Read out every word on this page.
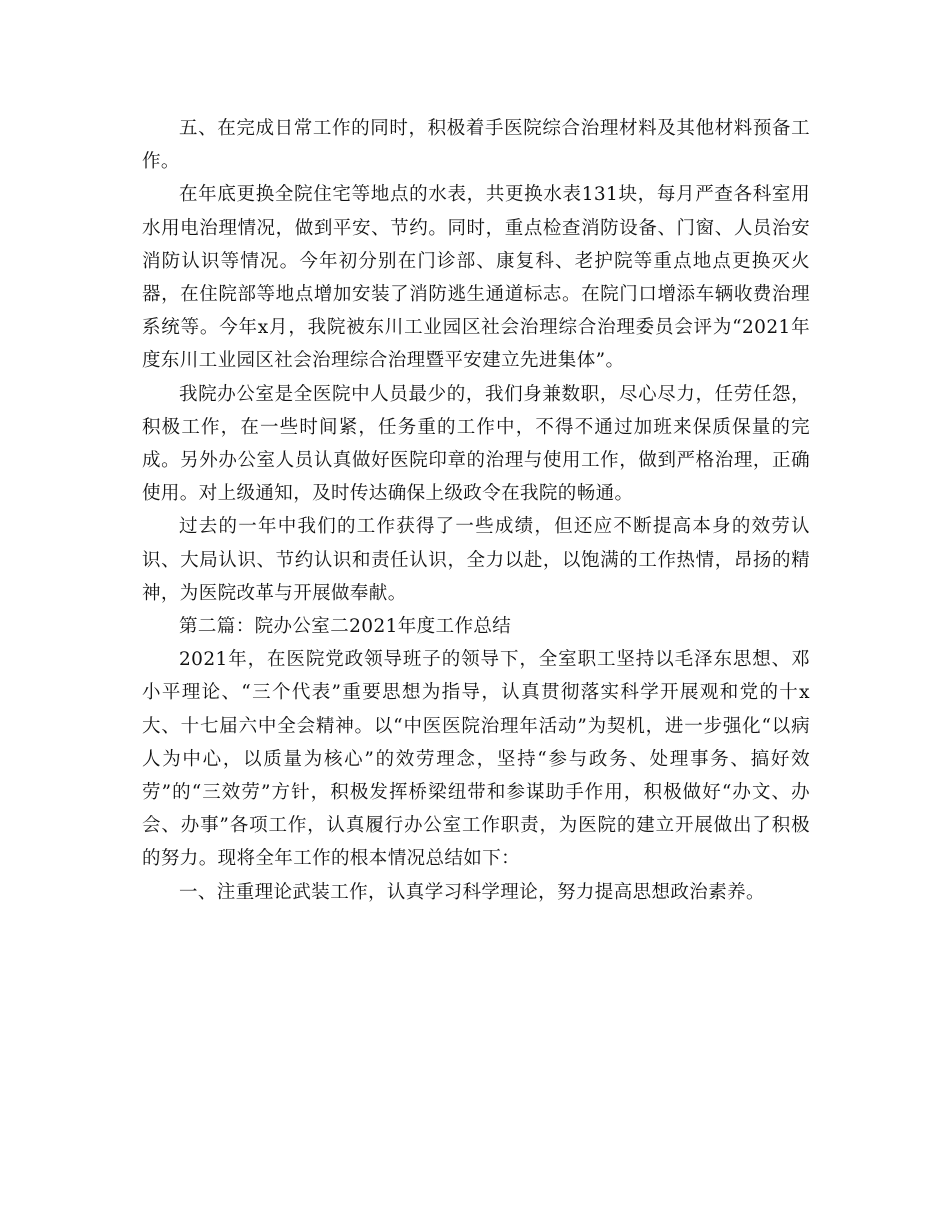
五、在完成日常工作的同时，积极着手医院综合治理材料及其他材料预备工作。

在年底更换全院住宅等地点的水表，共更换水表131块，每月严查各科室用水用电治理情况，做到平安、节约。同时，重点检查消防设备、门窗、人员治安消防认识等情况。今年初分别在门诊部、康复科、老护院等重点地点更换灭火器，在住院部等地点增加安装了消防逃生通道标志。在院门口增添车辆收费治理系统等。今年x月，我院被东川工业园区社会治理综合治理委员会评为“2021年度东川工业园区社会治理综合治理暨平安建立先进集体”。

我院办公室是全医院中人员最少的，我们身兼数职，尽心尽力，任劳任怨，积极工作，在一些时间紧，任务重的工作中，不得不通过加班来保质保量的完成。另外办公室人员认真做好医院印章的治理与使用工作，做到严格治理，正确使用。对上级通知，及时传达确保上级政令在我院的畅通。

过去的一年中我们的工作获得了一些成绩，但还应不断提高本身的效劳认识、大局认识、节约认识和责任认识，全力以赴，以饱满的工作热情，昂扬的精神，为医院改革与开展做奉献。

第二篇：院办公室二2021年度工作总结

2021年，在医院党政领导班子的领导下，全室职工坚持以毛泽东思想、邓小平理论、“三个代表”重要思想为指导，认真贯彻落实科学开展观和党的十x大、十七届六中全会精神。以“中医医院治理年活动”为契机，进一步强化“以病人为中心，以质量为核心”的效劳理念，坚持“参与政务、处理事务、搞好效劳”的“三效劳”方针，积极发挥桥梁纽带和参谋助手作用，积极做好“办文、办会、办事”各项工作，认真履行办公室工作职责，为医院的建立开展做出了积极的努力。现将全年工作的根本情况总结如下：

一、注重理论武装工作，认真学习科学理论，努力提高思想政治素养。
